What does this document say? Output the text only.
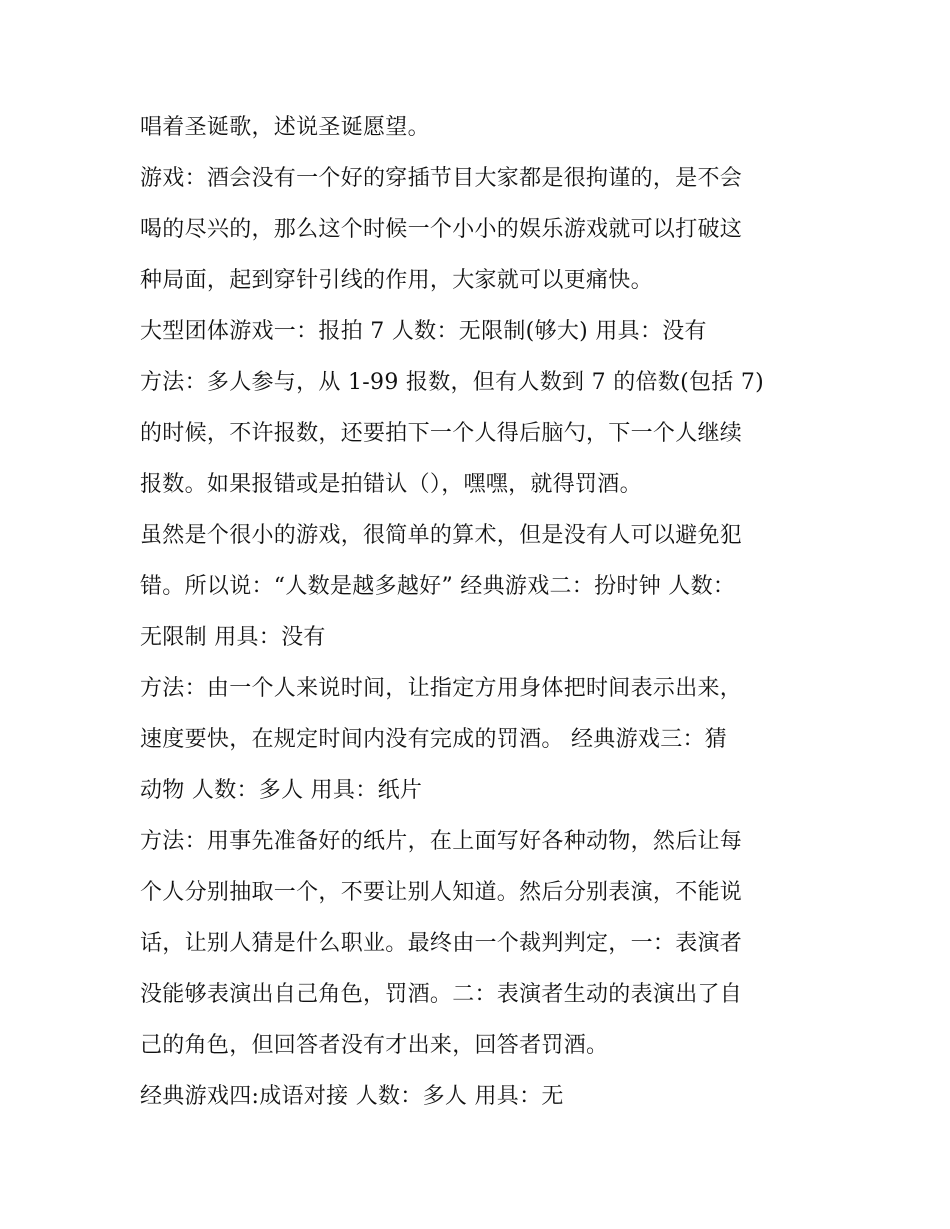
唱着圣诞歌，述说圣诞愿望。
游戏：酒会没有一个好的穿插节目大家都是很拘谨的，是不会
喝的尽兴的，那么这个时候一个小小的娱乐游戏就可以打破这
种局面，起到穿针引线的作用，大家就可以更痛快。
大型团体游戏一：报拍 7 人数：无限制(够大) 用具：没有
方法：多人参与，从 1-99 报数，但有人数到 7 的倍数(包括 7)
的时候，不许报数，还要拍下一个人得后脑勺，下一个人继续
报数。如果报错或是拍错认（），嘿嘿，就得罚酒。
虽然是个很小的游戏，很简单的算术，但是没有人可以避免犯
错。所以说：“人数是越多越好” 经典游戏二：扮时钟 人数：
无限制 用具：没有
方法：由一个人来说时间，让指定方用身体把时间表示出来，
速度要快，在规定时间内没有完成的罚酒。 经典游戏三：猜
动物 人数：多人 用具：纸片
方法：用事先准备好的纸片，在上面写好各种动物，然后让每
个人分别抽取一个，不要让别人知道。然后分别表演，不能说
话，让别人猜是什么职业。最终由一个裁判判定，一：表演者
没能够表演出自己角色，罚酒。二：表演者生动的表演出了自
己的角色，但回答者没有才出来，回答者罚酒。
经典游戏四:成语对接 人数：多人 用具：无
